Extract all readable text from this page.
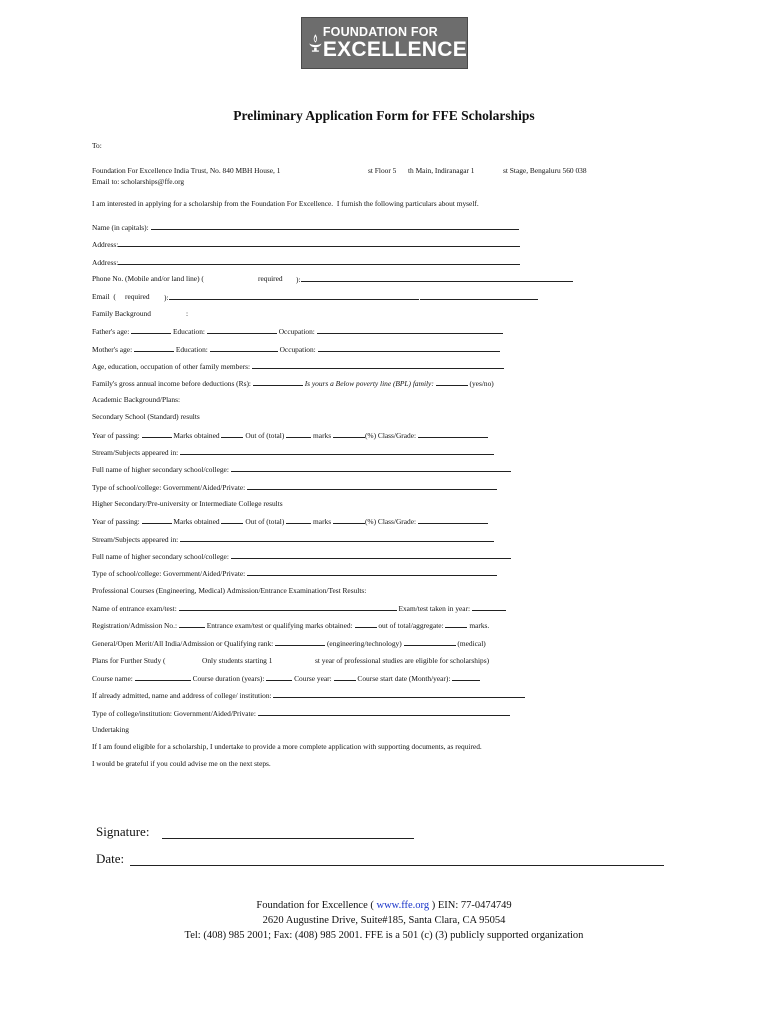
FOUNDATION FOR
EXCELLENCE
Preliminary Application Form for FFE Scholarships
To:
Foundation For Excellence India Trust, No. 840 MBH House, 1	st Floor 5 th Main, Indiranagar 1	st Stage, Bengaluru 560 038
Email to: scholarships@ffe.org
I am interested in applying for a scholarship from the Foundation For Excellence.  I furnish the following particulars about myself.
Name (in capitals):
Address:
Address:
Phone No. (Mobile and/or land line) (	required ):
Email  ( required ):
Family Background	:
Father's age:	Education:	Occupation:
Mother's age:	Education:	Occupation:
Age, education, occupation of other family members:
Family's gross annual income before deductions (Rs):	Is yours a Below poverty line (BPL) family:	(yes/no)
Academic Background/Plans:
Secondary School (Standard) results
Year of passing:	Marks obtained	Out of (total)	marks	(%) Class/Grade:
Stream/Subjects appeared in:
Full name of higher secondary school/college:
Type of school/college: Government/Aided/Private:
Higher Secondary/Pre-university or Intermediate College results
Year of passing:	Marks obtained	Out of (total)	marks	(%) Class/Grade:
Stream/Subjects appeared in:
Full name of higher secondary school/college:
Type of school/college: Government/Aided/Private:
Professional Courses (Engineering, Medical) Admission/Entrance Examination/Test Results:
Name of entrance exam/test:	Exam/test taken in year:
Registration/Admission No.:	Entrance exam/test or qualifying marks obtained:	out of total/aggregate:	marks.
General/Open Merit/All India/Admission or Qualifying rank:	(engineering/technology)	(medical)
Plans for Further Study (	Only students starting 1	st year of professional studies are eligible for scholarships)
Course name:	Course duration (years):	Course year:	Course start date (Month/year):
If already admitted, name and address of college/ institution:
Type of college/institution: Government/Aided/Private:
Undertaking
If I am found eligible for a scholarship, I undertake to provide a more complete application with supporting documents, as required.
I would be grateful if you could advise me on the next steps.
Signature:
Date:
Foundation for Excellence ( www.ffe.org ) EIN: 77-0474749
2620 Augustine Drive, Suite#185, Santa Clara, CA 95054
Tel: (408) 985 2001; Fax: (408) 985 2001. FFE is a 501 (c) (3) publicly supported organization
